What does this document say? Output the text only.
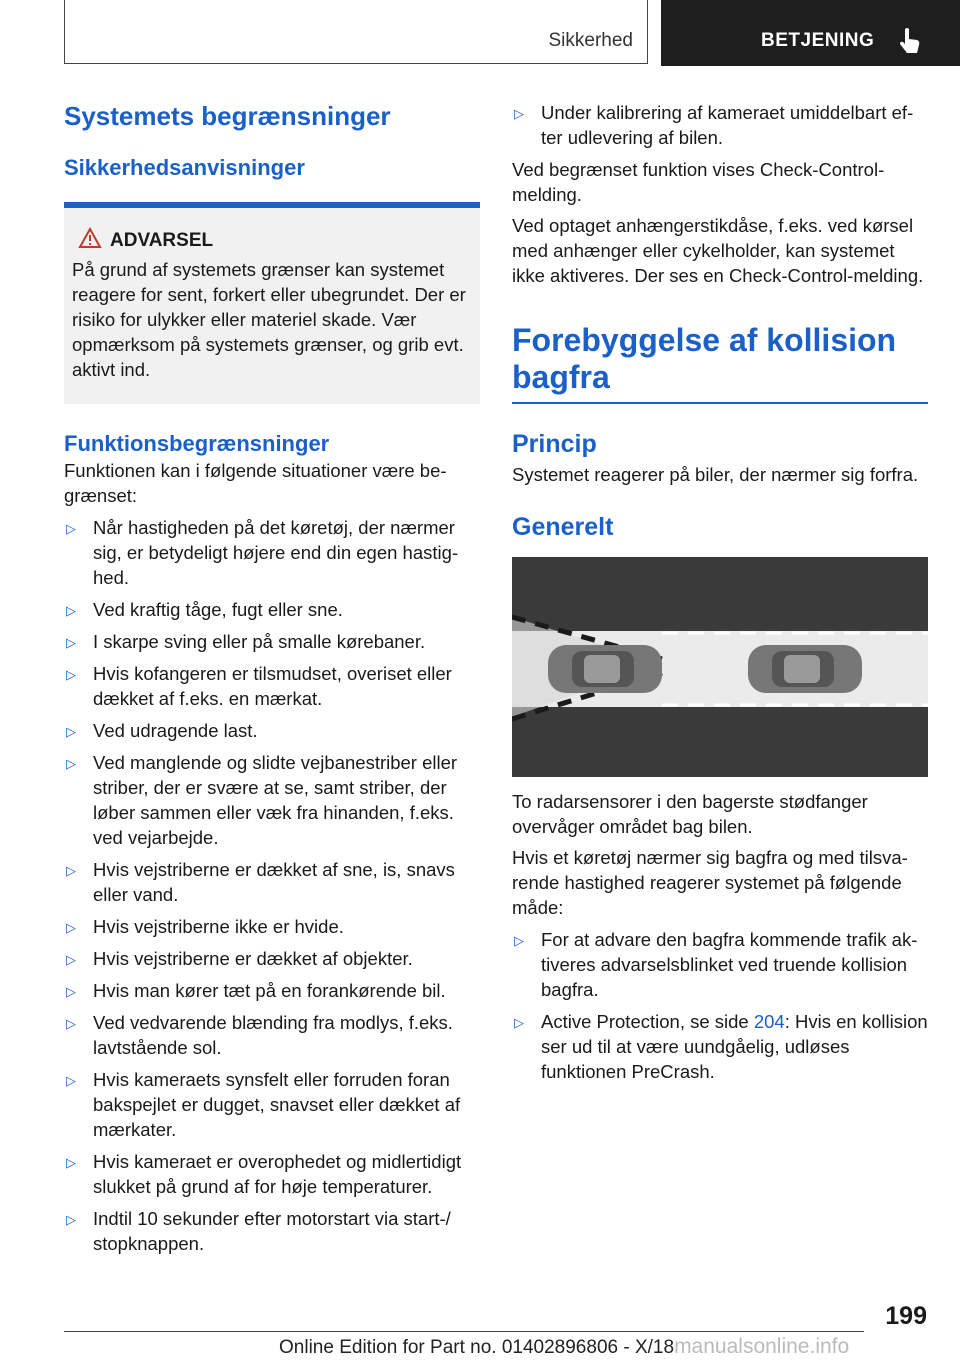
Sikkerhed	BETJENING
Systemets begrænsninger
Sikkerhedsanvisninger
ADVARSEL

På grund af systemets grænser kan systemet reagere for sent, forkert eller ubegrundet. Der er risiko for ulykker eller materiel skade. Vær opmærksom på systemets grænser, og grib evt. aktivt ind.

Funktionsbegrænsninger

Funktionen kan i følgende situationer være begrænset:

▷ Når hastigheden på det køretøj, der nærmer sig, er betydeligt højere end din egen hastighed.
▷ Ved kraftig tåge, fugt eller sne.
▷ I skarpe sving eller på smalle kørebaner.
▷ Hvis kofangeren er tilsmudset, overiset eller dækket af f.eks. en mærkat.
▷ Ved udragende last.
▷ Ved manglende og slidte vejbanestriber eller striber, der er svære at se, samt striber, der løber sammen eller væk fra hinanden, f.eks. ved vejarbejde.
▷ Hvis vejstriberne er dækket af sne, is, snavs eller vand.
▷ Hvis vejstriberne ikke er hvide.
▷ Hvis vejstriberne er dækket af objekter.
▷ Hvis man kører tæt på en forankørende bil.
▷ Ved vedvarende blænding fra modlys, f.eks. lavtstående sol.
▷ Hvis kameraets synsfelt eller forruden foran bakspejlet er dugget, snavset eller dækket af mærkater.
▷ Hvis kameraet er overophedet og midlertidigt slukket på grund af for høje temperaturer.
▷ Indtil 10 sekunder efter motorstart via start-/ stopknappen.
▷ Under kalibrering af kameraet umiddelbart efter udlevering af bilen.

Ved begrænset funktion vises Check-Control-melding.

Ved optaget anhængerstikdåse, f.eks. ved kørsel med anhænger eller cykelholder, kan systemet ikke aktiveres. Der ses en Check-Control-melding.

Forebyggelse af kollision bagfra
Princip

Systemet reagerer på biler, der nærmer sig forfra.

Generelt

To radarsensorer i den bagerste stødfanger overvåger området bag bilen.

Hvis et køretøj nærmer sig bagfra og med tilsvarende hastighed reagerer systemet på følgende måde:

▷ For at advare den bagfra kommende trafik aktiveres advarselsblinket ved truende kollision bagfra.
▷ Active Protection, se side 204: Hvis en kollision ser ud til at være uundgåelig, udløses funktionen PreCrash.
199
Online Edition for Part no. 01402896806 - X/18manualsonline.info
